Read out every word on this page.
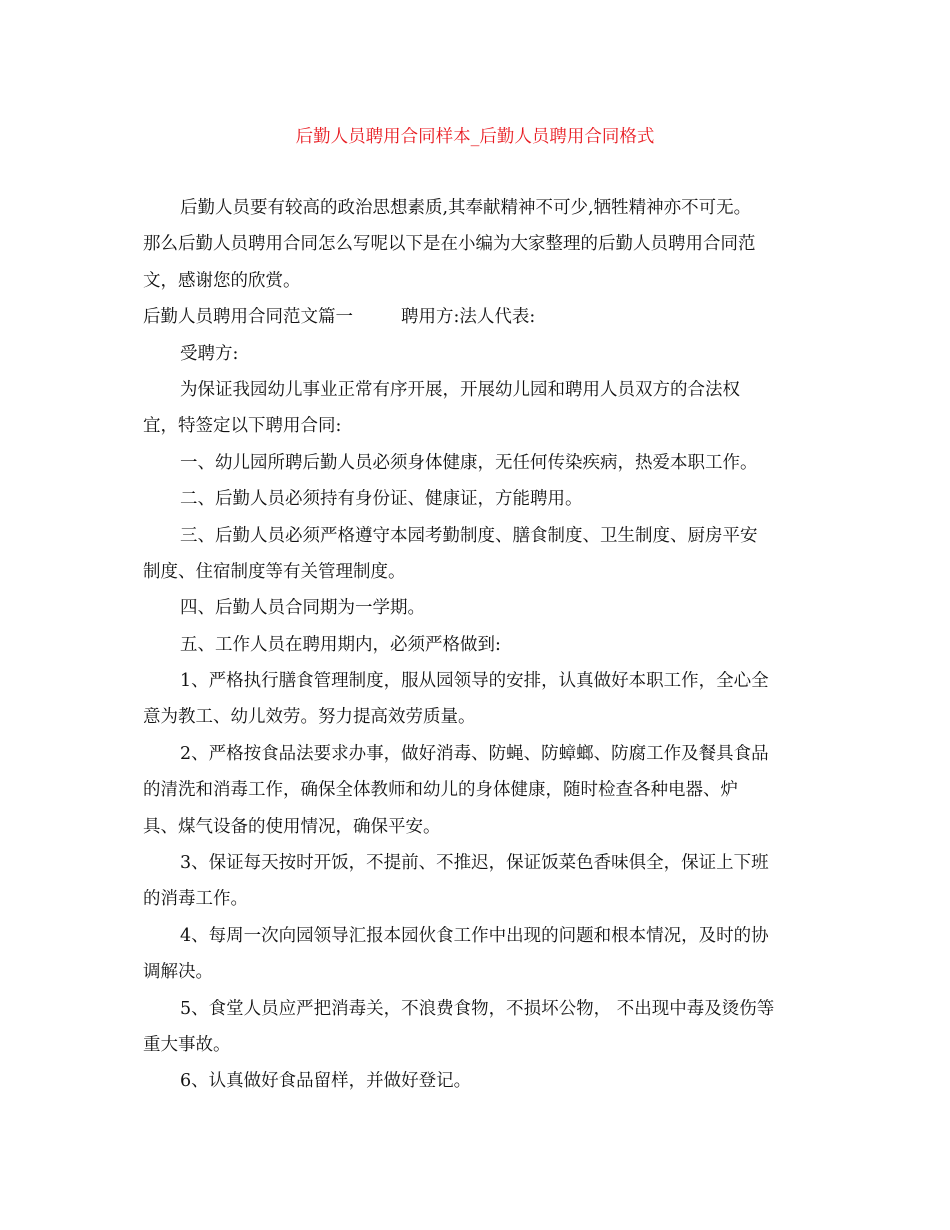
后勤人员聘用合同样本_后勤人员聘用合同格式
后勤人员要有较高的政治思想素质,其奉献精神不可少,牺牲精神亦不可无。
那么后勤人员聘用合同怎么写呢以下是在小编为大家整理的后勤人员聘用合同范
文，感谢您的欣赏。
后勤人员聘用合同范文篇一	聘用方:法人代表:
受聘方:
为保证我园幼儿事业正常有序开展，开展幼儿园和聘用人员双方的合法权
宜，特签定以下聘用合同:
一、幼儿园所聘后勤人员必须身体健康，无任何传染疾病，热爱本职工作。
二、后勤人员必须持有身份证、健康证，方能聘用。
三、后勤人员必须严格遵守本园考勤制度、膳食制度、卫生制度、厨房平安
制度、住宿制度等有关管理制度。
四、后勤人员合同期为一学期。
五、工作人员在聘用期内，必须严格做到:
1、严格执行膳食管理制度，服从园领导的安排，认真做好本职工作，全心全
意为教工、幼儿效劳。努力提高效劳质量。
2、严格按食品法要求办事，做好消毒、防蝇、防蟑螂、防腐工作及餐具食品
的清洗和消毒工作，确保全体教师和幼儿的身体健康，随时检查各种电器、炉
具、煤气设备的使用情况，确保平安。
3、保证每天按时开饭，不提前、不推迟，保证饭菜色香味俱全，保证上下班
的消毒工作。
4、每周一次向园领导汇报本园伙食工作中出现的问题和根本情况，及时的协
调解决。
5、食堂人员应严把消毒关，不浪费食物，不损坏公物， 不出现中毒及烫伤等
重大事故。
6、认真做好食品留样，并做好登记。
